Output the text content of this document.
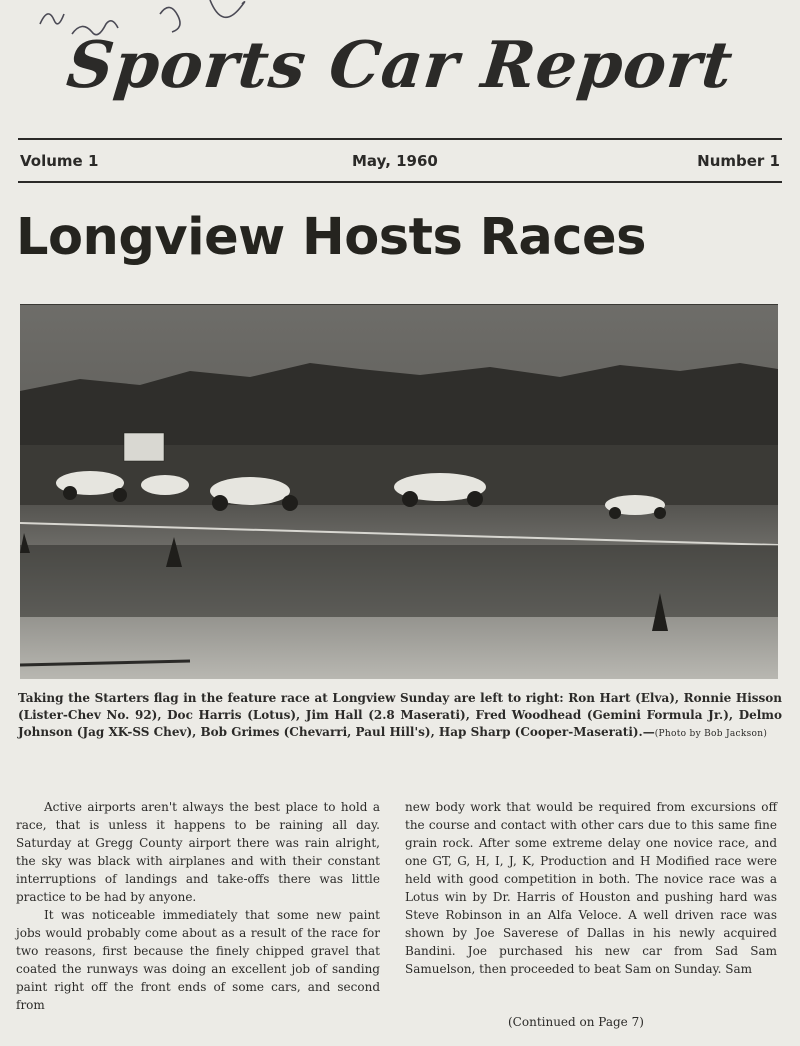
Sports Car Report
Volume 1	May, 1960	Number 1
Longview Hosts Races
Taking the Starters flag in the feature race at Longview Sunday are left to right: Ron Hart (Elva), Ronnie Hisson (Lister-Chev No. 92), Doc Harris (Lotus), Jim Hall (2.8 Maserati), Fred Woodhead (Gemini Formula Jr.), Delmo Johnson (Jag XK-SS Chev), Bob Grimes (Chevarri, Paul Hill's), Hap Sharp (Cooper-Maserati).—(Photo by Bob Jackson)

Active airports aren't always the best place to hold a race, that is unless it happens to be raining all day. Saturday at Gregg County airport there was rain alright, the sky was black with airplanes and with their constant interruptions of landings and take-offs there was little practice to be had by anyone.

It was noticeable immediately that some new paint jobs would probably come about as a result of the race for two reasons, first because the finely chipped gravel that coated the runways was doing an excellent job of sanding paint right off the front ends of some cars, and second from

new body work that would be required from excursions off the course and contact with other cars due to this same fine grain rock. After some extreme delay one novice race, and one GT, G, H, I, J, K, Production and H Modified race were held with good competition in both. The novice race was a Lotus win by Dr. Harris of Houston and pushing hard was Steve Robinson in an Alfa Veloce. A well driven race was shown by Joe Saverese of Dallas in his newly acquired Bandini. Joe purchased his new car from Sad Sam Samuelson, then proceeded to beat Sam on Sunday. Sam

(Continued on Page 7)
